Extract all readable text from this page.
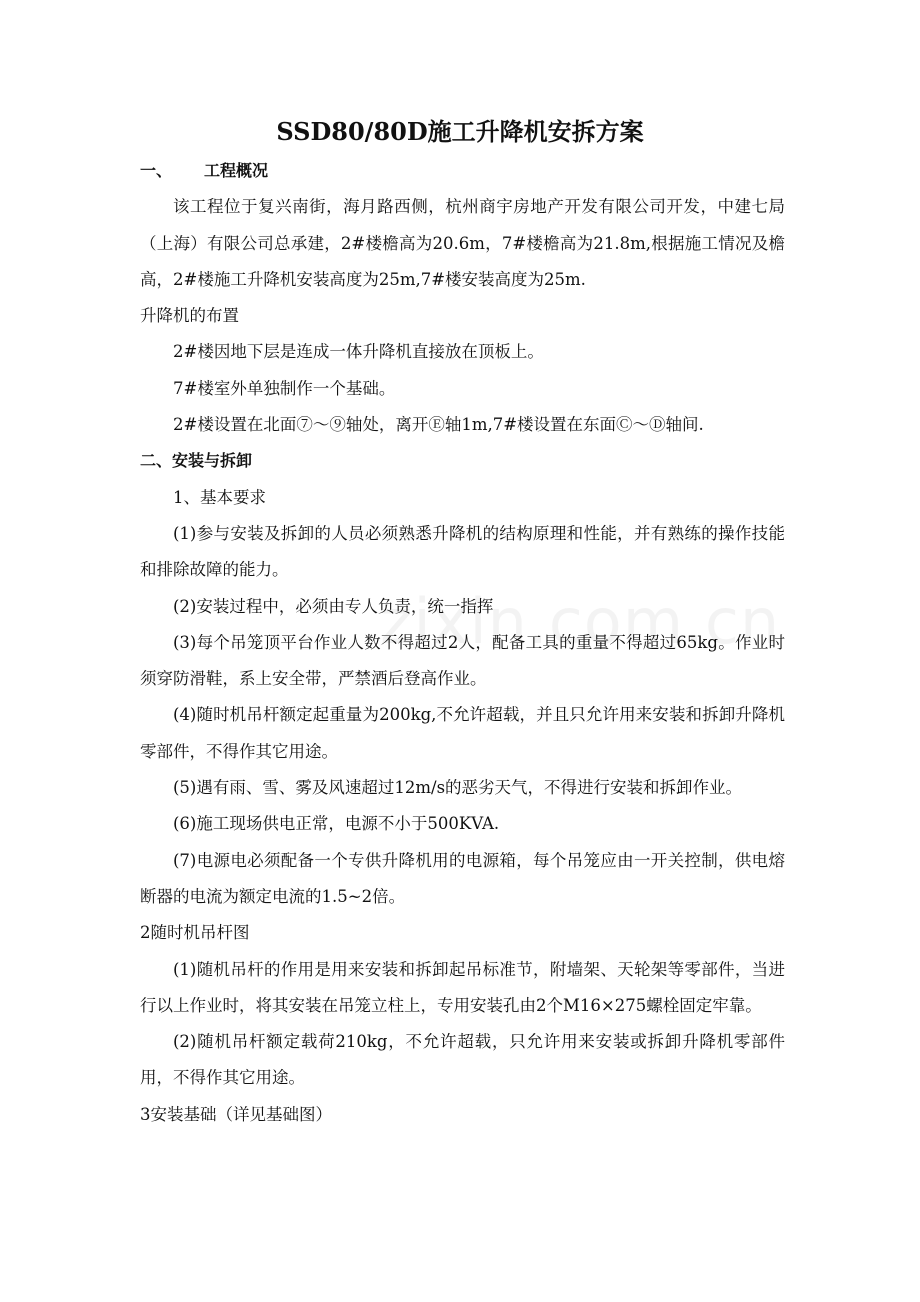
SSD80/80D施工升降机安拆方案

一、 工程概况

该工程位于复兴南街，海月路西侧，杭州商宇房地产开发有限公司开发，中建七局（上海）有限公司总承建，2#楼檐高为20.6m，7#楼檐高为21.8m,根据施工情况及檐高，2#楼施工升降机安装高度为25m,7#楼安装高度为25m.

升降机的布置

2#楼因地下层是连成一体升降机直接放在顶板上。

7#楼室外单独制作一个基础。

2#楼设置在北面⑦～⑨轴处，离开Ⓔ轴1m,7#楼设置在东面Ⓒ～Ⓓ轴间.

二、安装与拆卸

1、基本要求

(1)参与安装及拆卸的人员必须熟悉升降机的结构原理和性能，并有熟练的操作技能和排除故障的能力。

(2)安装过程中，必须由专人负责，统一指挥

(3)每个吊笼顶平台作业人数不得超过2人，配备工具的重量不得超过65kg。作业时须穿防滑鞋，系上安全带，严禁酒后登高作业。

(4)随时机吊杆额定起重量为200kg,不允许超载，并且只允许用来安装和拆卸升降机零部件，不得作其它用途。

(5)遇有雨、雪、雾及风速超过12m/s的恶劣天气，不得进行安装和拆卸作业。

(6)施工现场供电正常，电源不小于500KVA.

(7)电源电必须配备一个专供升降机用的电源箱，每个吊笼应由一开关控制，供电熔断器的电流为额定电流的1.5~2倍。

2随时机吊杆图

(1)随机吊杆的作用是用来安装和拆卸起吊标准节，附墙架、天轮架等零部件，当进行以上作业时，将其安装在吊笼立柱上，专用安装孔由2个M16×275螺栓固定牢靠。

(2)随机吊杆额定载荷210kg，不允许超载，只允许用来安装或拆卸升降机零部件用，不得作其它用途。

3安装基础（详见基础图）
